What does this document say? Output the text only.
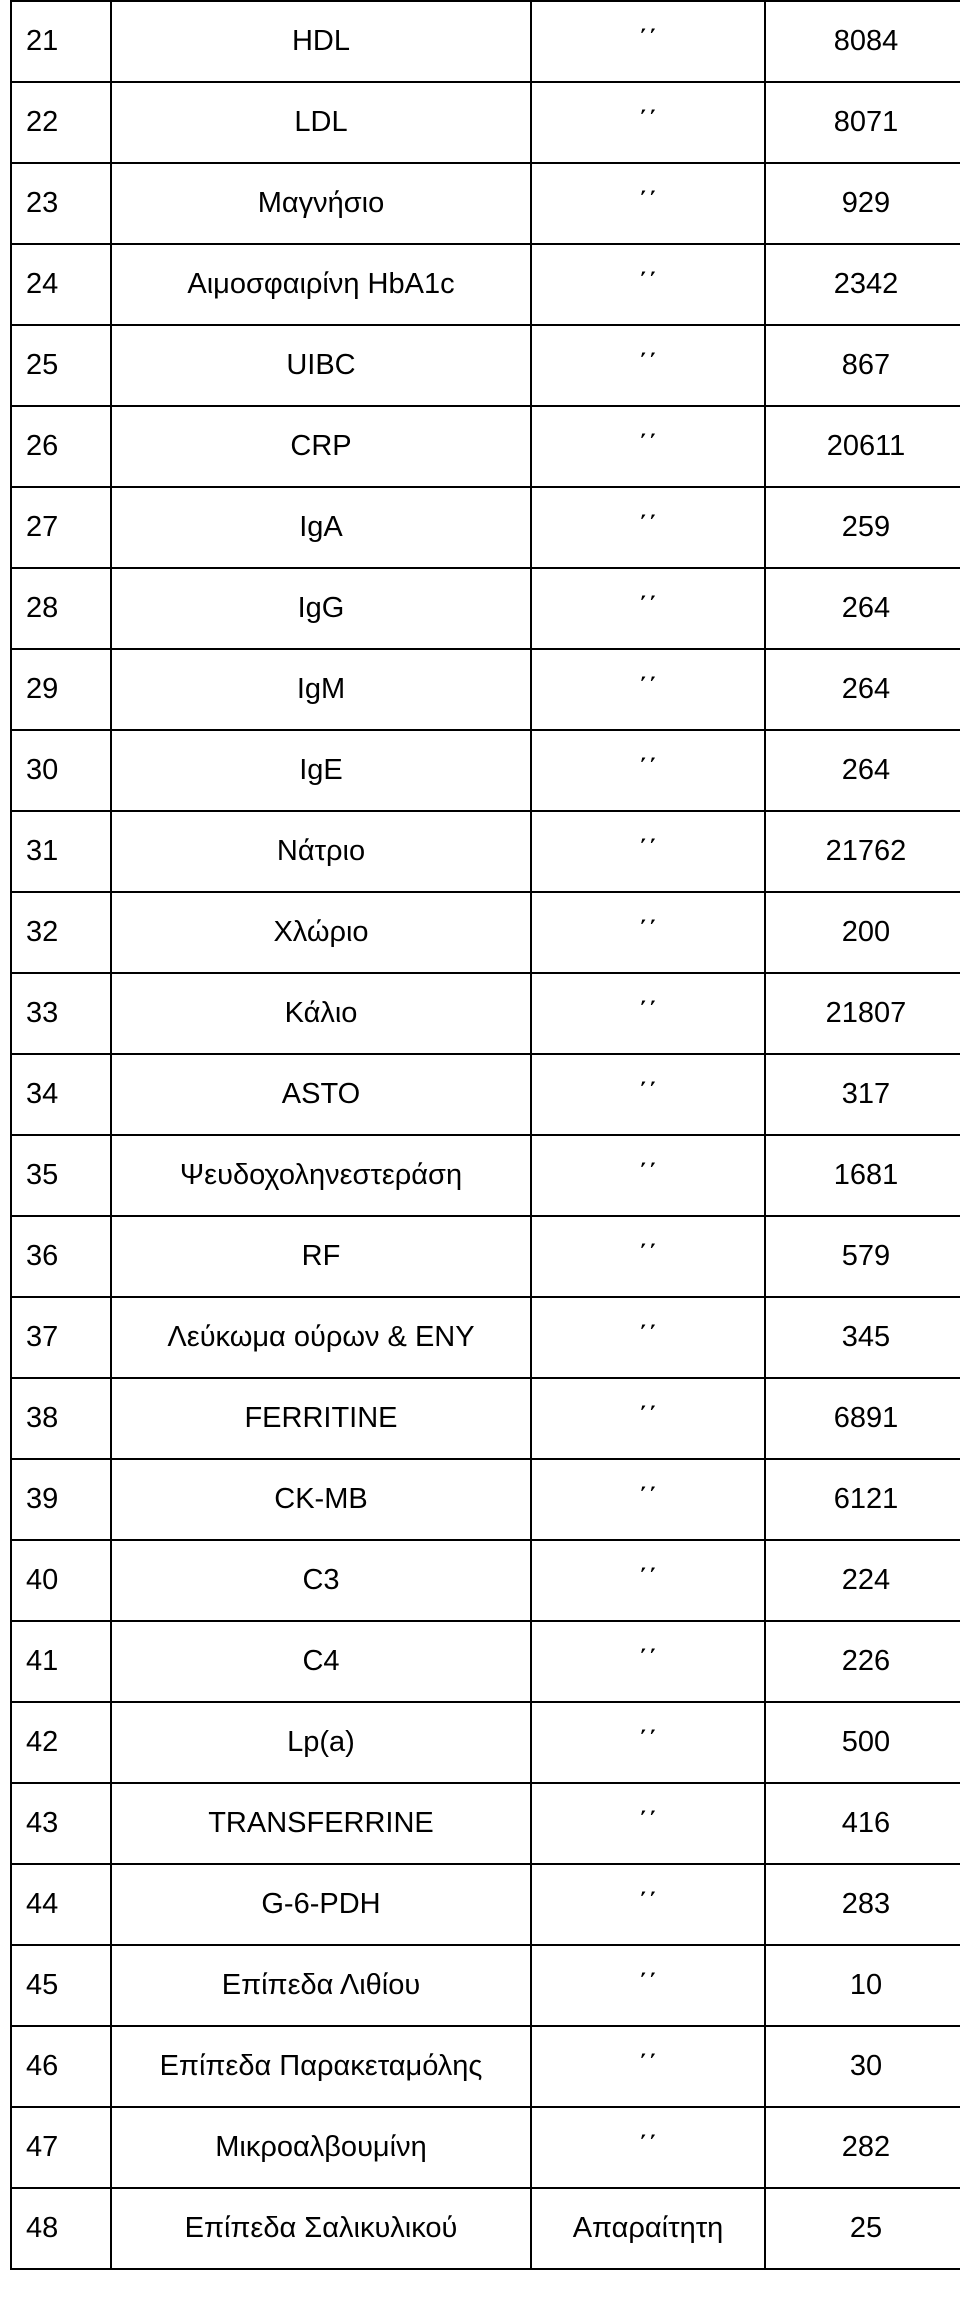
21	HDL	΄΄	8084
22	LDL	΄΄	8071
23	Μαγνήσιο	΄΄	929
24	Αιμοσφαιρίνη HbA1c	΄΄	2342
25	UIBC	΄΄	867
26	CRP	΄΄	20611
27	IgA	΄΄	259
28	IgG	΄΄	264
29	IgM	΄΄	264
30	IgE	΄΄	264
31	Νάτριο	΄΄	21762
32	Χλώριο	΄΄	200
33	Κάλιο	΄΄	21807
34	ASTO	΄΄	317
35	Ψευδοχοληνεστεράση	΄΄	1681
36	RF	΄΄	579
37	Λεύκωμα ούρων & ΕΝΥ	΄΄	345
38	FERRITINE	΄΄	6891
39	CK-MB	΄΄	6121
40	C3	΄΄	224
41	C4	΄΄	226
42	Lp(a)	΄΄	500
43	TRANSFERRINE	΄΄	416
44	G-6-PDH	΄΄	283
45	Επίπεδα Λιθίου	΄΄	10
46	Επίπεδα Παρακεταμόλης	΄΄	30
47	Μικροαλβουμίνη	΄΄	282
48	Επίπεδα Σαλικυλικού	Απαραίτητη	25
